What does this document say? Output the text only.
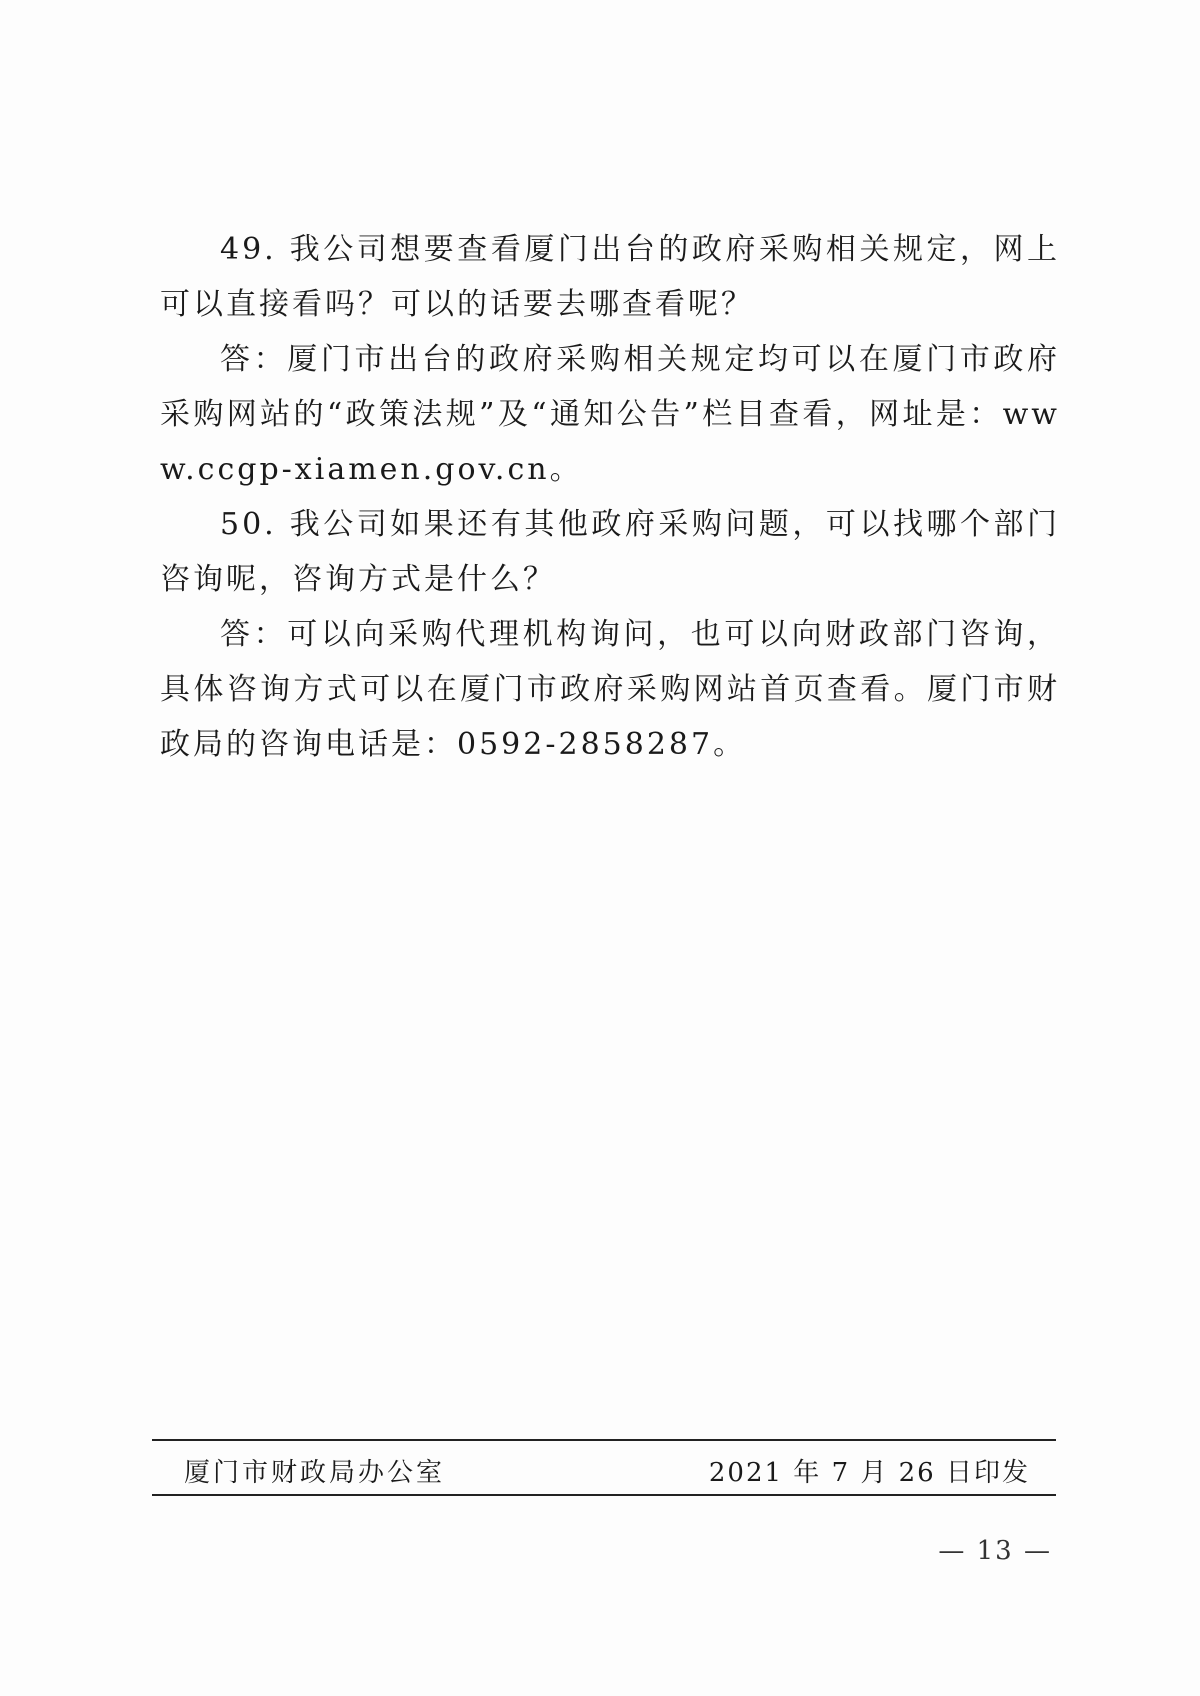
49. 我公司想要查看厦门出台的政府采购相关规定，网上可以直接看吗？可以的话要去哪查看呢？

答：厦门市出台的政府采购相关规定均可以在厦门市政府采购网站的“政策法规”及“通知公告”栏目查看，网址是：www.ccgp-xiamen.gov.cn。

50. 我公司如果还有其他政府采购问题，可以找哪个部门咨询呢，咨询方式是什么？

答：可以向采购代理机构询问，也可以向财政部门咨询，具体咨询方式可以在厦门市政府采购网站首页查看。厦门市财政局的咨询电话是：0592-2858287。

厦门市财政局办公室	2021 年 7 月 26 日印发
— 13 —
